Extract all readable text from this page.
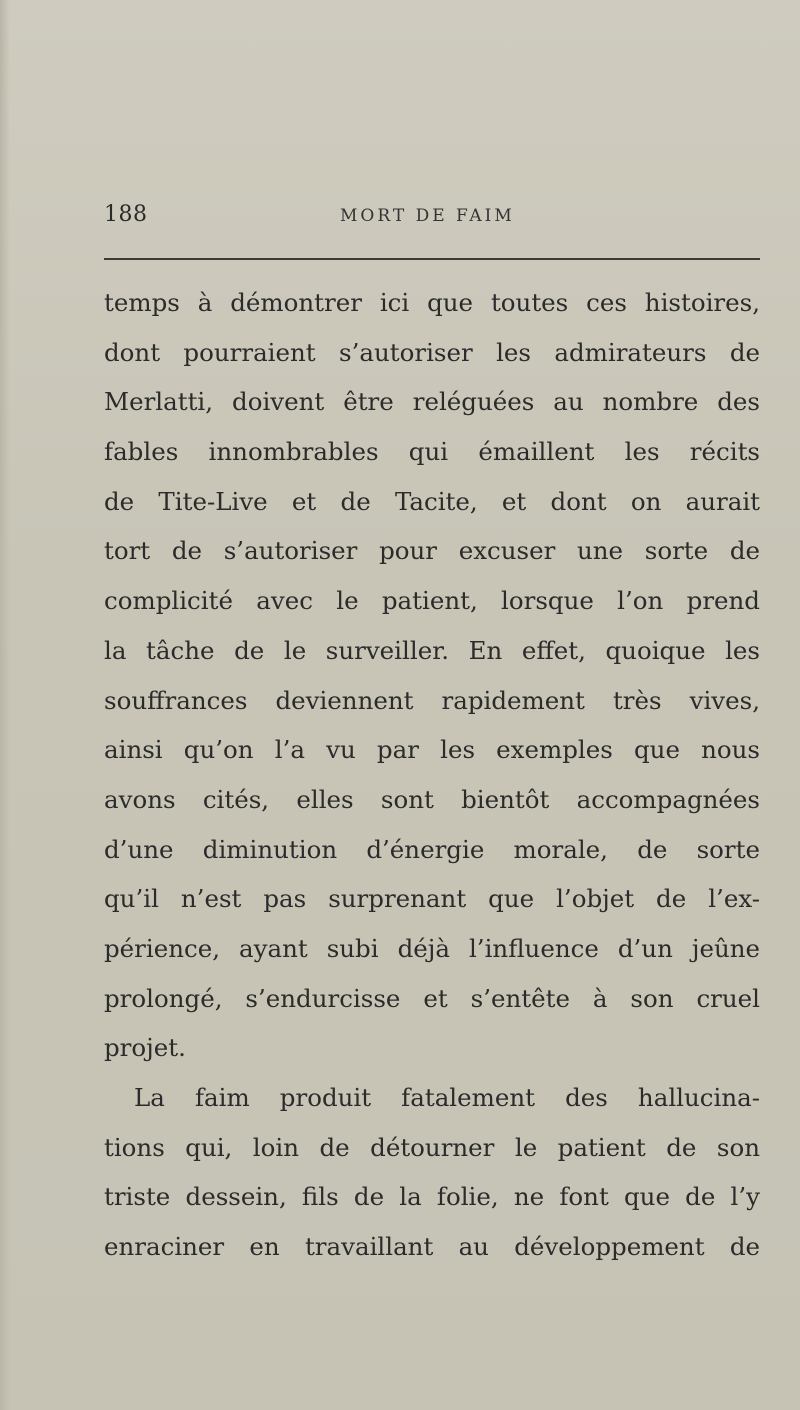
188	MORT DE FAIM
temps à démontrer ici que toutes ces histoires,
dont pourraient s’autoriser les admirateurs de
Merlatti, doivent être reléguées au nombre des
fables innombrables qui émaillent les récits
de Tite-Live et de Tacite, et dont on aurait
tort de s’autoriser pour excuser une sorte de
complicité avec le patient, lorsque l’on prend
la tâche de le surveiller. En effet, quoique les
souffrances deviennent rapidement très vives,
ainsi qu’on l’a vu par les exemples que nous
avons cités, elles sont bientôt accompagnées
d’une diminution d’énergie morale, de sorte
qu’il n’est pas surprenant que l’objet de l’ex-
périence, ayant subi déjà l’influence d’un jeûne
prolongé, s’endurcisse et s’entête à son cruel
projet.
La faim produit fatalement des hallucina-
tions qui, loin de détourner le patient de son
triste dessein, fils de la folie, ne font que de l’y
enraciner en travaillant au développement de
